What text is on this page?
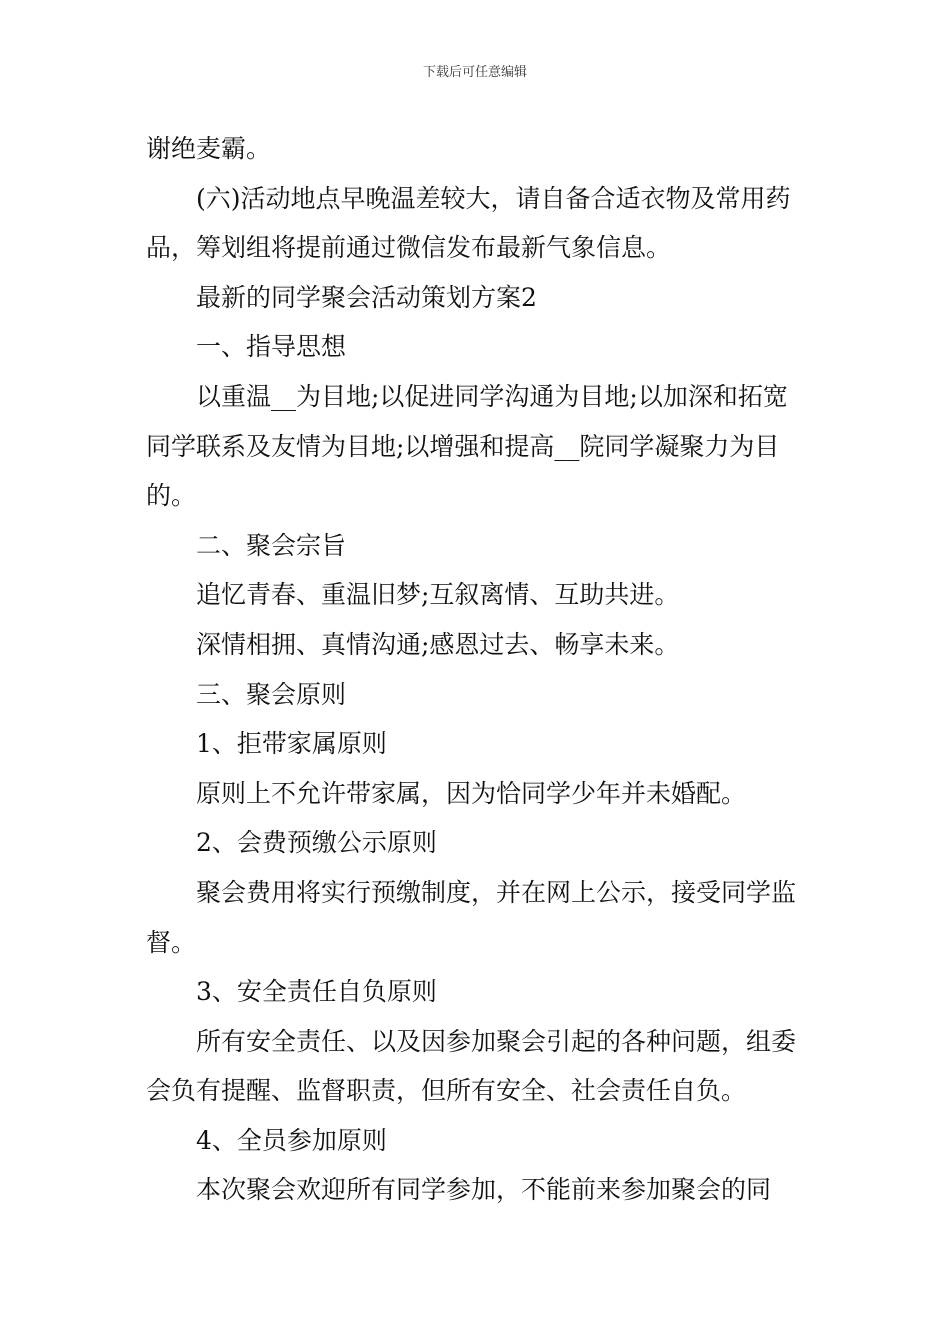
下载后可任意编辑

谢绝麦霸。

(六)活动地点早晚温差较大，请自备合适衣物及常用药品，筹划组将提前通过微信发布最新气象信息。

最新的同学聚会活动策划方案2

一、指导思想

以重温__为目地;以促进同学沟通为目地;以加深和拓宽同学联系及友情为目地;以增强和提高__院同学凝聚力为目的。

二、聚会宗旨

追忆青春、重温旧梦;互叙离情、互助共进。

深情相拥、真情沟通;感恩过去、畅享未来。

三、聚会原则

1、拒带家属原则

原则上不允许带家属，因为恰同学少年并未婚配。

2、会费预缴公示原则

聚会费用将实行预缴制度，并在网上公示，接受同学监督。

3、安全责任自负原则

所有安全责任、以及因参加聚会引起的各种问题，组委会负有提醒、监督职责，但所有安全、社会责任自负。

4、全员参加原则

本次聚会欢迎所有同学参加，不能前来参加聚会的同
